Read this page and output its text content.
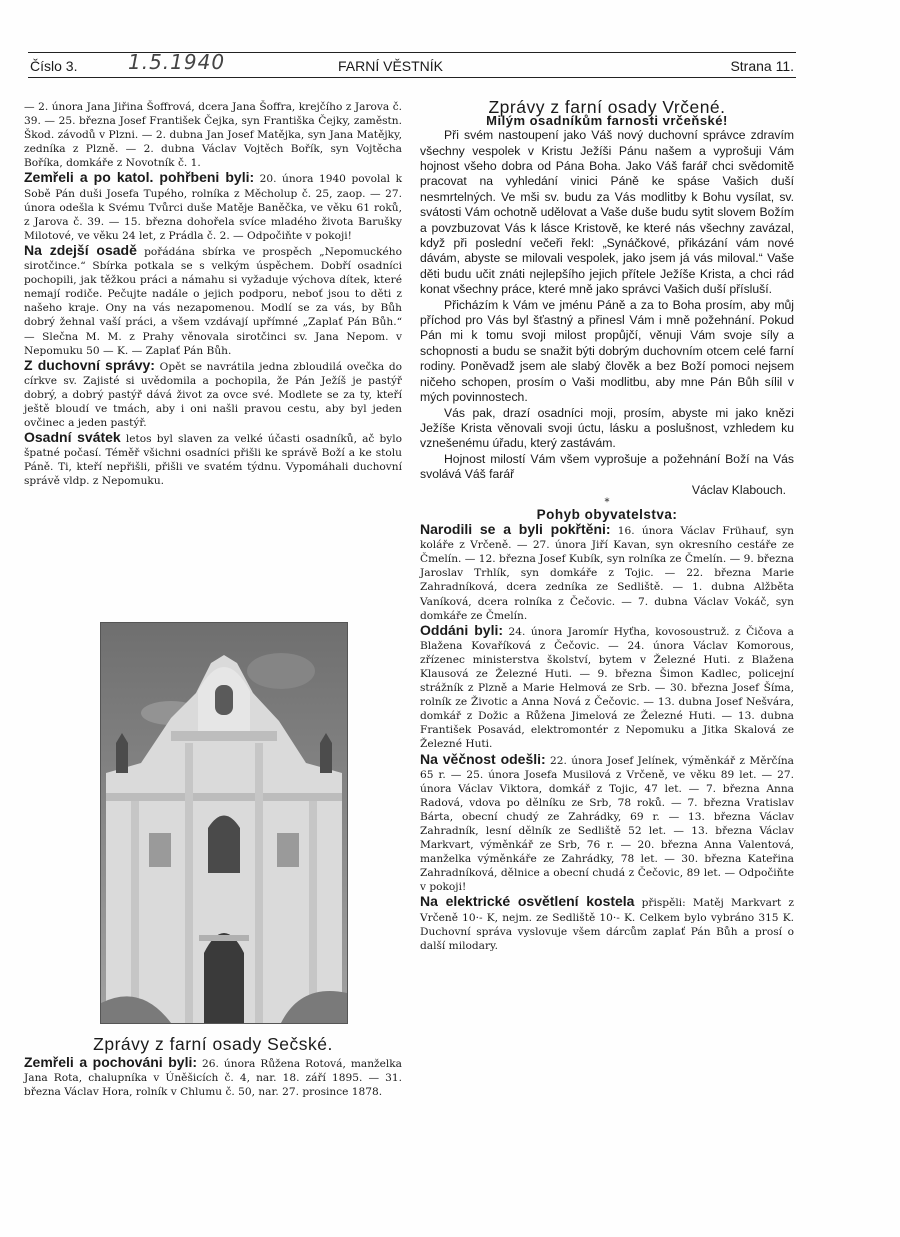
Číslo 3.	1.5.1940	FARNÍ VĚSTNÍK	Strana 11.

— 2. února Jana Jiřina Šoffrová, dcera Jana Šoffra, krejčího z Jarova č. 39. — 25. března Josef František Čejka, syn Františka Čejky, zaměstn. Škod. závodů v Plzni. — 2. dubna Jan Josef Matějka, syn Jana Matějky, zedníka z Plzně. — 2. dubna Václav Vojtěch Bořík, syn Vojtěcha Boříka, domkáře z Novotník č. 1.

Zemřeli a po katol. pohřbeni byli: 20. února 1940 povolal k Sobě Pán duši Josefa Tupého, rolníka z Měcholup č. 25, zaop. — 27. února odešla k Svému Tvůrci duše Matěje Baněčka, ve věku 61 roků, z Jarova č. 39. — 15. března dohořela svíce mladého života Barušky Milotové, ve věku 24 let, z Prádla č. 2. — Odpočiňte v pokoji!

Na zdejší osadě pořádána sbírka ve prospěch „Nepomuckého sirotčince.“ Sbírka potkala se s velkým úspěchem. Dobří osadníci pochopili, jak těžkou práci a námahu si vyžaduje výchova dítek, které nemají rodiče. Pečujte nadále o jejich podporu, neboť jsou to děti z našeho kraje. Ony na vás nezapomenou. Modlí se za vás, by Bůh dobrý žehnal vaší práci, a všem vzdávají upřímné „Zaplať Pán Bůh.“ — Slečna M. M. z Prahy věnovala sirotčinci sv. Jana Nepom. v Nepomuku 50 — K. — Zaplať Pán Bůh.

Z duchovní správy: Opět se navrátila jedna zbloudilá ovečka do církve sv. Zajisté si uvědomila a pochopila, že Pán Ježíš je pastýř dobrý, a dobrý pastýř dává život za ovce své. Modlete se za ty, kteří ještě bloudí ve tmách, aby i oni našli pravou cestu, aby byl jeden ovčinec a jeden pastýř.

Osadní svátek letos byl slaven za velké účasti osadníků, ač bylo špatné počasí. Téměř všichni osadníci přišli ke správě Boží a ke stolu Páně. Ti, kteří nepřišli, přišli ve svatém týdnu. Vypomáhali duchovní správě vldp. z Nepomuku.

Zprávy z farní osady Sečské.

Zemřeli a pochováni byli: 26. února Růžena Rotová, manželka Jana Rota, chalupníka v Úněšicích č. 4, nar. 18. září 1895. — 31. března Václav Hora, rolník v Chlumu č. 50, nar. 27. prosince 1878.

Zprávy z farní osady Vrčené.

Milým osadníkům farnosti vrčeňské!

Při svém nastoupení jako Váš nový duchovní správce zdravím všechny vespolek v Kristu Ježíši Pánu našem a vyprošuji Vám hojnost všeho dobra od Pána Boha. Jako Váš farář chci svědomitě pracovat na vyhledání vinici Páně ke spáse Vašich duší nesmrtelných. Ve mši sv. budu za Vás modlitby k Bohu vysílat, sv. svátosti Vám ochotně udělovat a Vaše duše budu sytit slovem Božím a povzbuzovat Vás k lásce Kristově, ke které nás všechny zavázal, když při poslední večeři řekl: „Synáčkové, přikázání vám nové dávám, abyste se milovali vespolek, jako jsem já vás miloval.“ Vaše děti budu učit znáti nejlepšího jejich přítele Ježíše Krista, a chci rád konat všechny práce, které mně jako správci Vašich duší přísluší.

Přicházím k Vám ve jménu Páně a za to Boha prosím, aby můj příchod pro Vás byl šťastný a přinesl Vám i mně požehnání. Pokud Pán mi k tomu svoji milost propůjčí, věnuji Vám svoje síly a schopnosti a budu se snažit býti dobrým duchovním otcem celé farní rodiny. Poněvadž jsem ale slabý člověk a bez Boží pomoci nejsem ničeho schopen, prosím o Vaši modlitbu, aby mne Pán Bůh sílil v mých povinnostech.

Vás pak, drazí osadníci moji, prosím, abyste mi jako knězi Ježíše Krista věnovali svoji úctu, lásku a poslušnost, vzhledem ku vznešenému úřadu, který zastávám.

Hojnost milostí Vám všem vyprošuje a požehnání Boží na Vás svolává Váš farář

Václav Klabouch.

*

Pohyb obyvatelstva:

Narodili se a byli pokřtěni: 16. února Václav Frühauf, syn koláře z Vrčeně. — 27. února Jiří Kavan, syn okresního cestáře ze Čmelín. — 12. března Josef Kubík, syn rolníka ze Čmelín. — 9. března Jaroslav Trhlík, syn domkáře z Tojic. — 22. března Marie Zahradníková, dcera zedníka ze Sedliště. — 1. dubna Alžběta Vaníková, dcera rolníka z Čečovic. — 7. dubna Václav Vokáč, syn domkáře ze Čmelín.

Oddáni byli: 24. února Jaromír Hyťha, kovosoustruž. z Čičova a Blažena Kovaříková z Čečovic. — 24. února Václav Komorous, zřízenec ministerstva školství, bytem v Železné Huti. z Blažena Klausová ze Železné Huti. — 9. března Šimon Kadlec, policejní strážník z Plzně a Marie Helmová ze Srb. — 30. března Josef Šíma, rolník ze Životic a Anna Nová z Čečovic. — 13. dubna Josef Nešvára, domkář z Dožic a Růžena Jimelová ze Železné Huti. — 13. dubna František Posavád, elektromontér z Nepomuku a Jitka Skalová ze Železné Huti.

Na věčnost odešli: 22. února Josef Jelínek, výměnkář z Měrčína 65 r. — 25. února Josefa Musilová z Vrčeně, ve věku 89 let. — 27. února Václav Viktora, domkář z Tojic, 47 let. — 7. března Anna Radová, vdova po dělníku ze Srb, 78 roků. — 7. března Vratislav Bárta, obecní chudý ze Zahrádky, 69 r. — 13. března Václav Zahradník, lesní dělník ze Sedliště 52 let. — 13. března Václav Markvart, výměnkář ze Srb, 76 r. — 20. března Anna Valentová, manželka výměnkáře ze Zahrádky, 78 let. — 30. března Kateřina Zahradníková, dělnice a obecní chudá z Čečovic, 89 let. — Odpočiňte v pokoji!

Na elektrické osvětlení kostela přispěli: Matěj Markvart z Vrčeně 10·- K, nejm. ze Sedliště 10·- K. Celkem bylo vybráno 315 K. Duchovní správa vyslovuje všem dárcům zaplať Pán Bůh a prosí o další milodary.
